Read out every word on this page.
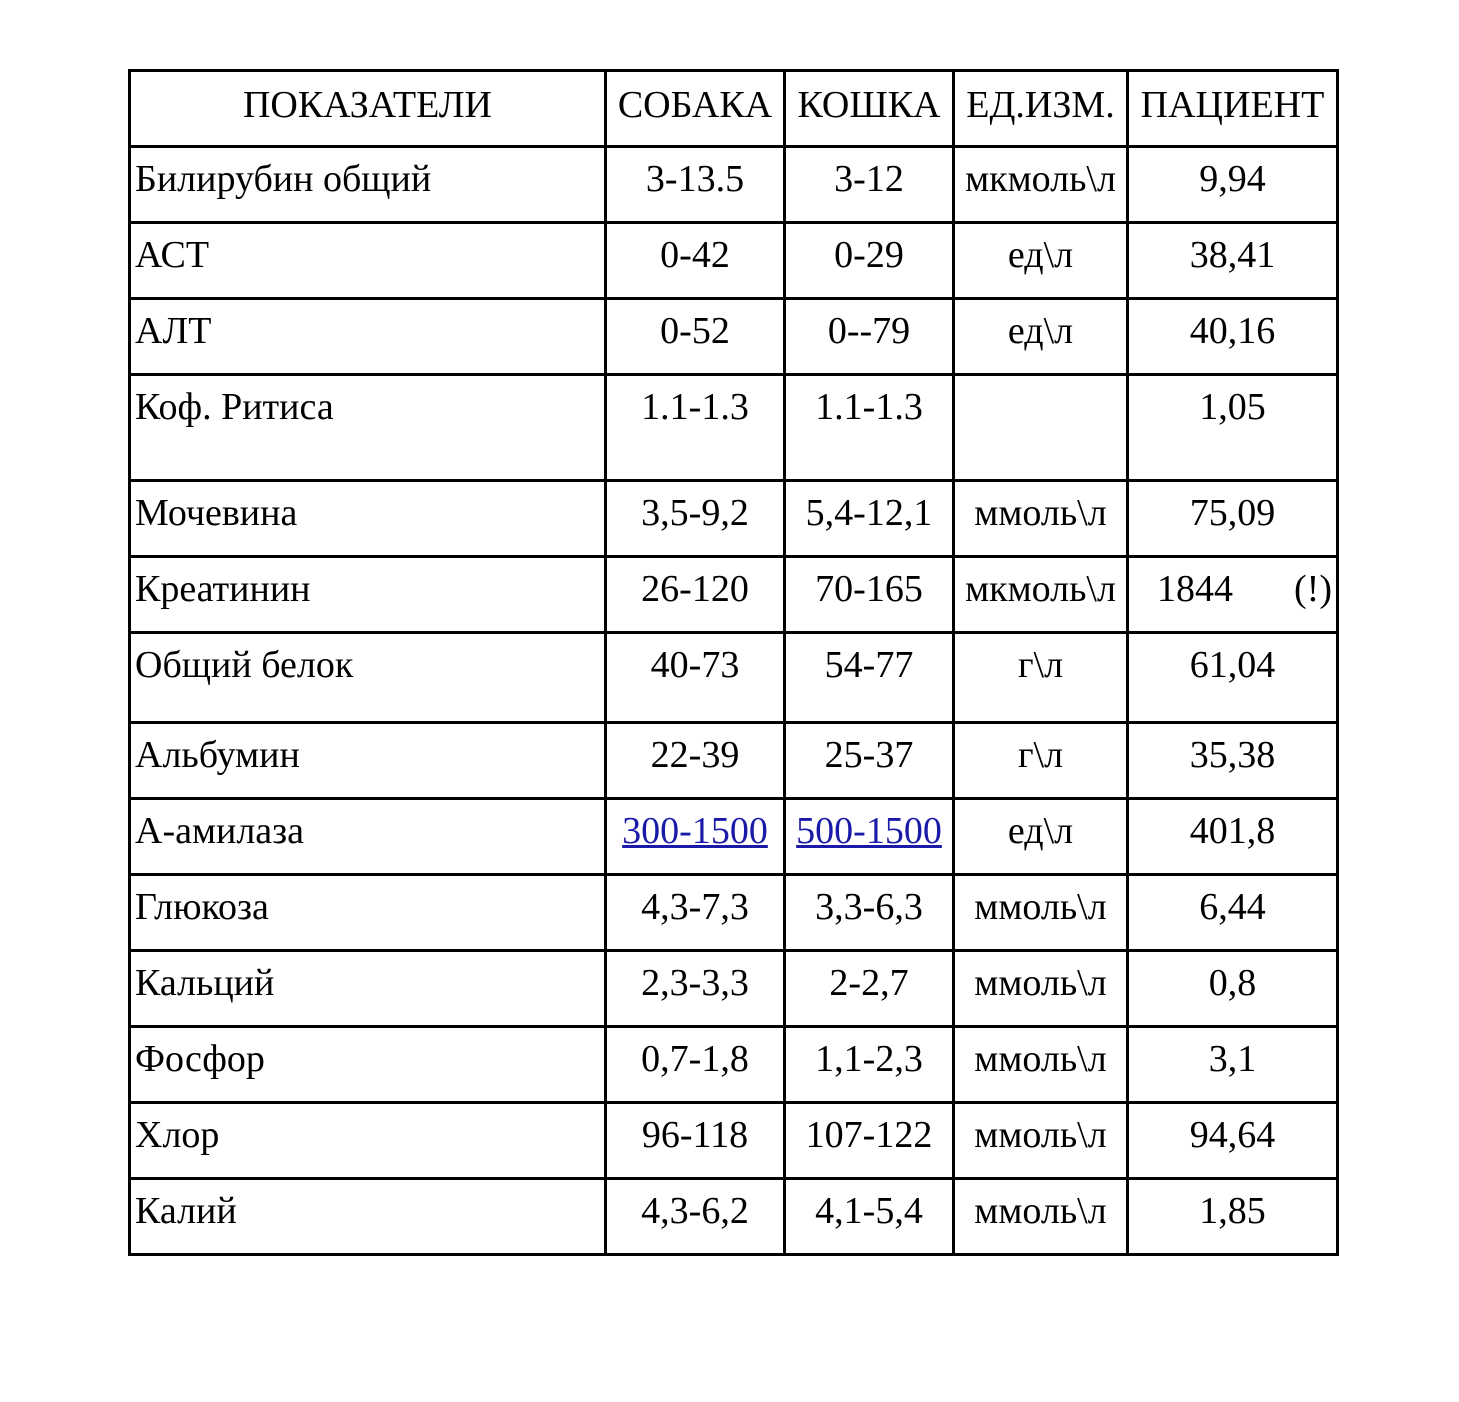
ПОКАЗАТЕЛИ	СОБАКА	КОШКА	ЕД.ИЗМ.	ПАЦИЕНТ
Билирубин общий	3-13.5	3-12	мкмоль\л	9,94
АСТ	0-42	0-29	ед\л	38,41
АЛТ	0-52	0--79	ед\л	40,16
Коф. Ритиса	1.1-1.3	1.1-1.3		1,05
Мочевина	3,5-9,2	5,4-12,1	ммоль\л	75,09
Креатинин	26-120	70-165	мкмоль\л	1844 (!)

Общий белок	40-73	54-77	г\л	61,04
Альбумин	22-39	25-37	г\л	35,38
А-амилаза	300-1500	500-1500	ед\л	401,8
Глюкоза	4,3-7,3	3,3-6,3	ммоль\л	6,44
Кальций	2,3-3,3	2-2,7	ммоль\л	0,8
Фосфор	0,7-1,8	1,1-2,3	ммоль\л	3,1
Хлор	96-118	107-122	ммоль\л	94,64
Калий	4,3-6,2	4,1-5,4	ммоль\л	1,85
